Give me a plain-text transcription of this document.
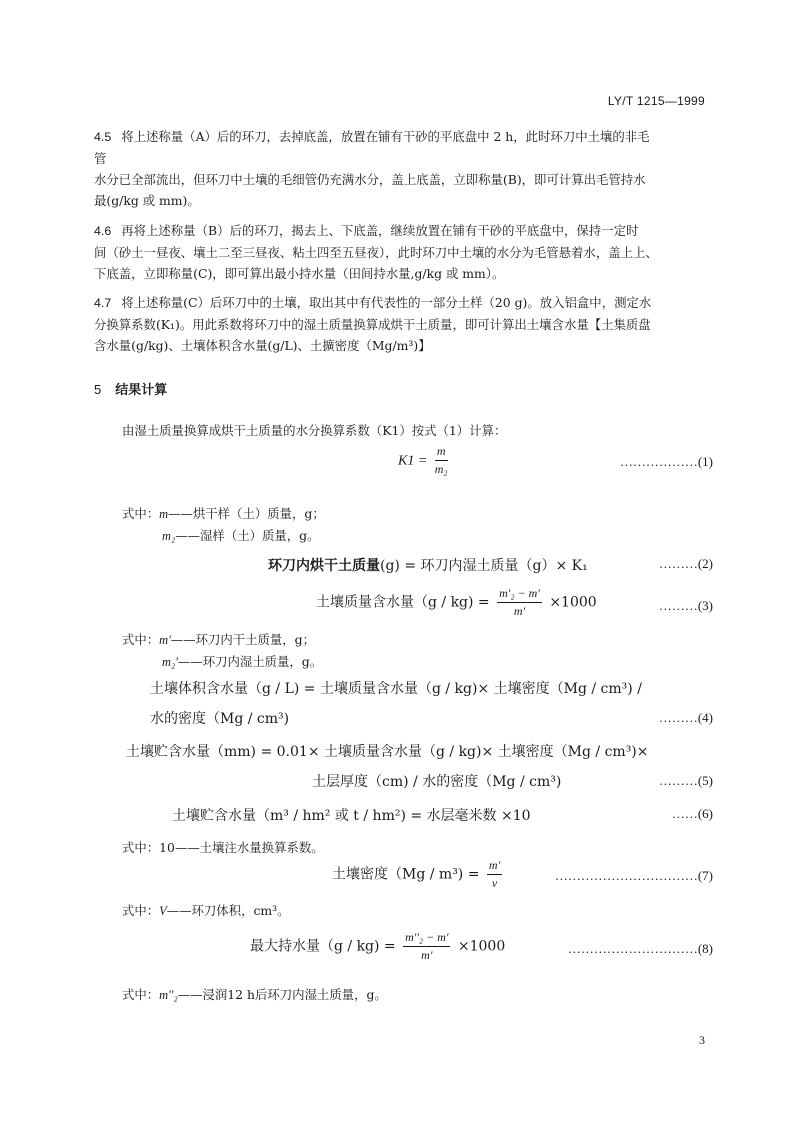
LY/T 1215—1999
4.5 将上述称量（A）后的环刀，去掉底盖，放置在铺有干砂的平底盘中 2 h，此时环刀中土壤的非毛
管
水分已全部流出，但环刀中土壤的毛细管仍充满水分，盖上底盖，立即称量(B)，即可计算出毛管持水
最(g/kg 或 mm)。
4.6 再将上述称量（B）后的环刀，揭去上、下底盖，继续放置在铺有干砂的平底盘中，保持一定时
间（砂土一昼夜、壤土二至三昼夜、粘土四至五昼夜），此时环刀中土壤的水分为毛管悬着水，盖上上、
下底盖，立即称量(C)，即可算出最小持水量（田间持水量,g/kg 或 mm）。
4.7 将上述称量(C）后环刀中的土壤，取出其中有代表性的一部分土样（20 g)。放入铝盒中，测定水
分换算系数(K₁)。用此系数将环刀中的湿土质量换算成烘干土质量，即可计算出土壤含水量【土集质盘
含水量(g/kg)、土壤体积含水量(g/L)、土擴密度（Mg/m³)】
5 结果计算
由湿土质量换算成烘干土质量的水分换算系数（K1）按式（1）计算：
$K1 = \frac{m}{\text{m₂}}$	………………(1)
式中：m——烘干样（土）质量，g；
m₂——湿样（土）质量，g。
环刀内烘干土质量(g) = 环刀内湿土质量（g）× K₁	………(2)
土壤质量含水量$(g / kg) = \frac{\text{m'₂ − m'}}{m'} \times 1000$	………(3)
式中：m'——环刀内干土质量，g；
m₂'——环刀内湿土质量，g。
土壤体积含水量（g / L) = 土壤质量含水量（g / kg)× 土壤密度（Mg / cm³) /
水的密度（Mg / cm³)	………(4)
土壤贮含水量（mm) = 0.01× 土壤质量含水量（g / kg)× 土壤密度（Mg / cm³)×
土层厚度（cm) / 水的密度（Mg / cm³)	………(5)
土壤贮含水量（m³ / hm² 或 t / hm²) = 水层毫米数 ×10	……(6)
式中：10——土壤注水量换算系数。
土壤密度$(Mg / m^3) = \frac{m'}{v}$	……………………………(7)
式中：V——环刀体积，cm³。
最大持水量$(g / kg) = \frac{\text{m''₂ − m'}}{m'} \times 1000$	…………………………(8)
式中：m''₂——浸润12 h后环刀内湿土质量，g。
3
